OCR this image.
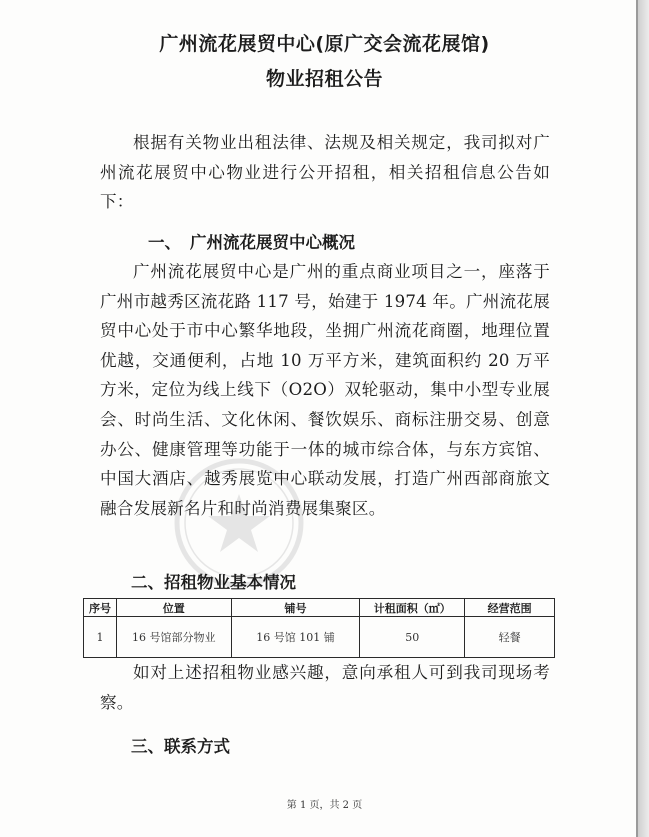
广州流花展贸中心(原广交会流花展馆)
物业招租公告
根据有关物业出租法律、法规及相关规定，我司拟对广州流花展贸中心物业进行公开招租，相关招租信息公告如下：
一、 广州流花展贸中心概况
广州流花展贸中心是广州的重点商业项目之一，座落于广州市越秀区流花路 117 号，始建于 1974 年。广州流花展贸中心处于市中心繁华地段，坐拥广州流花商圈，地理位置优越，交通便利，占地 10 万平方米，建筑面积约 20 万平方米，定位为线上线下（O2O）双轮驱动，集中小型专业展会、时尚生活、文化休闲、餐饮娱乐、商标注册交易、创意办公、健康管理等功能于一体的城市综合体，与东方宾馆、中国大酒店、越秀展览中心联动发展，打造广州西部商旅文融合发展新名片和时尚消费展集聚区。
二、招租物业基本情况
序号	位置	铺号	计租面积（㎡）	经营范围
1	16 号馆部分物业	16 号馆 101 铺	50	轻餐
如对上述招租物业感兴趣，意向承租人可到我司现场考察。
三、联系方式
第 1 页，共 2 页
